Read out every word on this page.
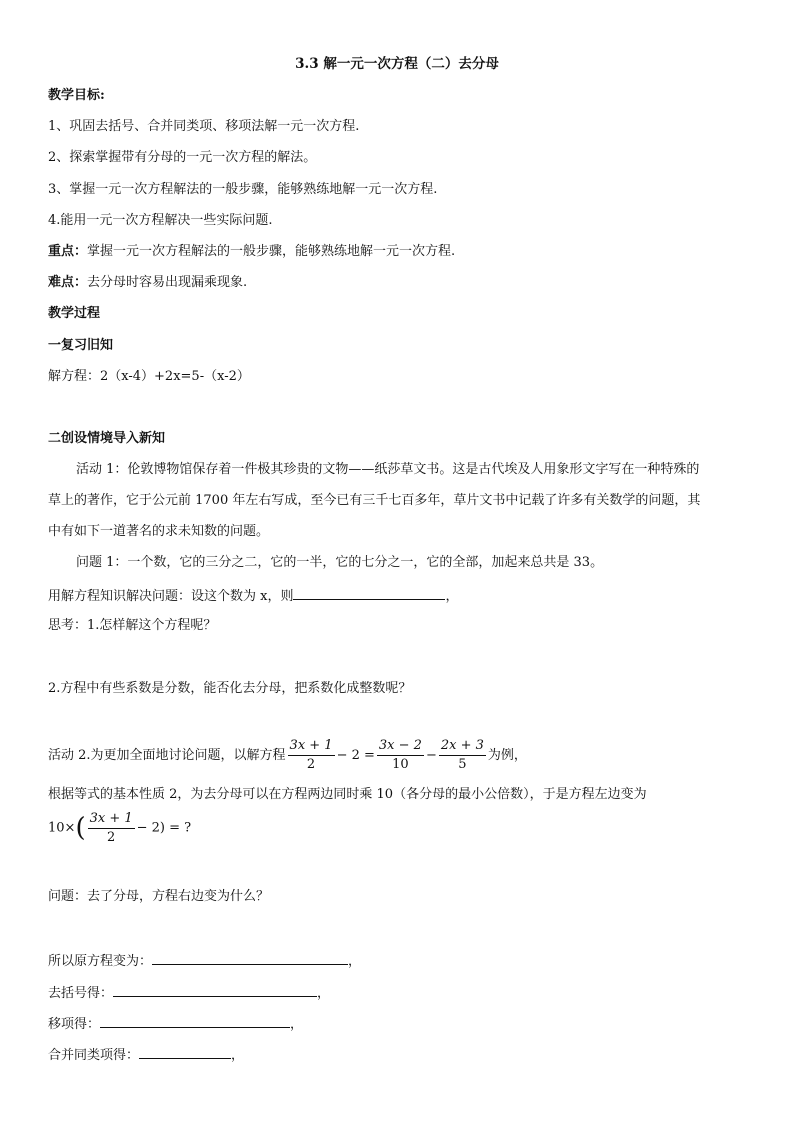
3.3 解一元一次方程（二）去分母
教学目标:
1、巩固去括号、合并同类项、移项法解一元一次方程.
2、探索掌握带有分母的一元一次方程的解法。
3、掌握一元一次方程解法的一般步骤，能够熟练地解一元一次方程.
4.能用一元一次方程解决一些实际问题.
重点：掌握一元一次方程解法的一般步骤，能够熟练地解一元一次方程.
难点：去分母时容易出现漏乘现象.
教学过程
一复习旧知
解方程：2（x-4）+2x=5-（x-2）
二创设情境导入新知
活动 1：伦敦博物馆保存着一件极其珍贵的文物——纸莎草文书。这是古代埃及人用象形文字写在一种特殊的
草上的著作，它于公元前 1700 年左右写成，至今已有三千七百多年，草片文书中记载了许多有关数学的问题，其
中有如下一道著名的求未知数的问题。
问题 1：一个数，它的三分之二，它的一半，它的七分之一，它的全部，加起来总共是 33。
用解方程知识解决问题：设这个数为 x，则	，
思考：1.怎样解这个方程呢？
2.方程中有些系数是分数，能否化去分母，把系数化成整数呢？
活动 2.为更加全面地讨论问题，以解方程 $\frac{3x + 1}{2} - 2 = \frac{3x - 2}{10} - \frac{2x + 3}{5}$ 为例，
根据等式的基本性质 2，为去分母可以在方程两边同时乘 10（各分母的最小公倍数），于是方程左边变为
$10\times( \frac{3x + 1}{2} - 2)$ = ?
问题：去了分母，方程右边变为什么？
所以原方程变为：	，
去括号得：	，
移项得：	，
合并同类项得：	，
